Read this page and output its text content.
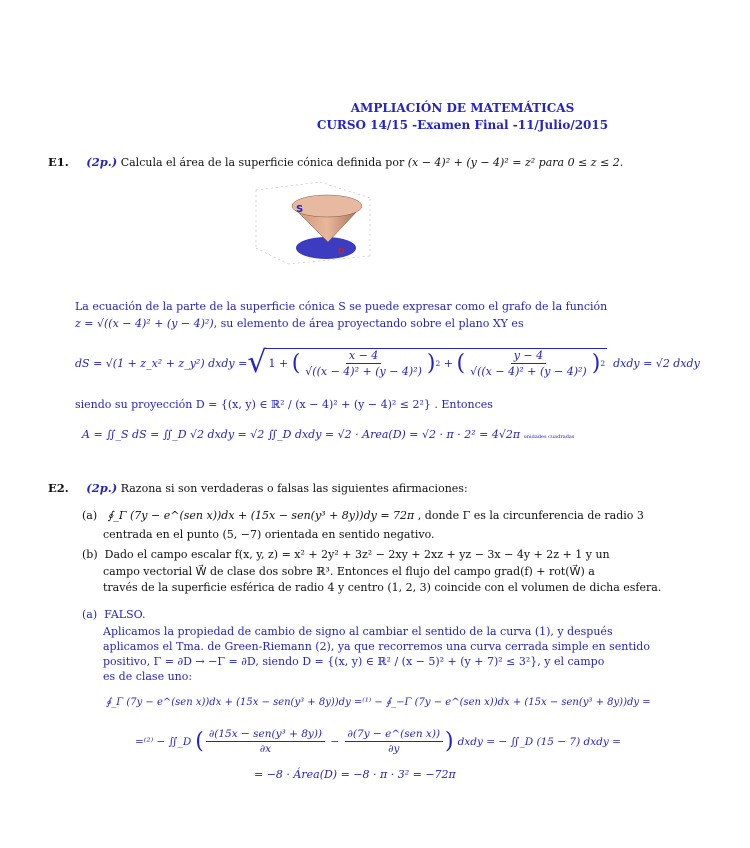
AMPLIACIÓN DE MATEMÁTICAS
CURSO 14/15 -Examen Final -11/Julio/2015
E1. (2p.) Calcula el área de la superficie cónica definida por (x − 4)² + (y − 4)² = z² para 0 ≤ z ≤ 2.
S
D
La ecuación de la parte de la superficie cónica S se puede expresar como el grafo de la función
z = √((x − 4)² + (y − 4)²), su elemento de área proyectando sobre el plano XY es
dS = √(1 + z_x² + z_y²) dxdy = √ 1 + ( $\frac{x - 4}{\text{√((x − 4)² + (y − 4)²)}}$ ) 2 + ( $\frac{y - 4}{\text{√((x − 4)² + (y − 4)²)}}$ ) 2 dxdy = √2 dxdy
siendo su proyección D = {(x, y) ∈ ℝ² / (x − 4)² + (y − 4)² ≤ 2²} . Entonces
A = ∬_S dS = ∬_D √2 dxdy = √2 ∬_D dxdy = √2 · Area(D) = √2 · π · 2² = 4√2π unidades cuadradas
E2. (2p.) Razona si son verdaderas o falsas las siguientes afirmaciones:
(a) ∮_Γ (7y − e^(sen x))dx + (15x − sen(y³ + 8y))dy = 72π , donde Γ es la circunferencia de radio 3
centrada en el punto (5, −7) orientada en sentido negativo.
(b) Dado el campo escalar f(x, y, z) = x² + 2y² + 3z² − 2xy + 2xz + yz − 3x − 4y + 2z + 1 y un
campo vectorial W⃗ de clase dos sobre ℝ³. Entonces el flujo del campo grad(f) + rot(W⃗) a
través de la superficie esférica de radio 4 y centro (1, 2, 3) coincide con el volumen de dicha esfera.
(a) FALSO.
Aplicamos la propiedad de cambio de signo al cambiar el sentido de la curva (1), y después
aplicamos el Tma. de Green-Riemann (2), ya que recorremos una curva cerrada simple en sentido
positivo, Γ = ∂D → −Γ = ∂D, siendo D = {(x, y) ∈ ℝ² / (x − 5)² + (y + 7)² ≤ 3²}, y el campo
es de clase uno:
∮_Γ (7y − e^(sen x))dx + (15x − sen(y³ + 8y))dy =⁽¹⁾ − ∮_−Γ (7y − e^(sen x))dx + (15x − sen(y³ + 8y))dy =
=⁽²⁾ − ∬_D ( $\frac{\text{∂(15x − sen(y³ + 8y))}}{\partial x} - \frac{\text{∂(7y − e\textasciicircum{}(sen x))}}{\partial y}$ ) dxdy = − ∬_D (15 − 7) dxdy =
= −8 · Área(D) = −8 · π · 3² = −72π
